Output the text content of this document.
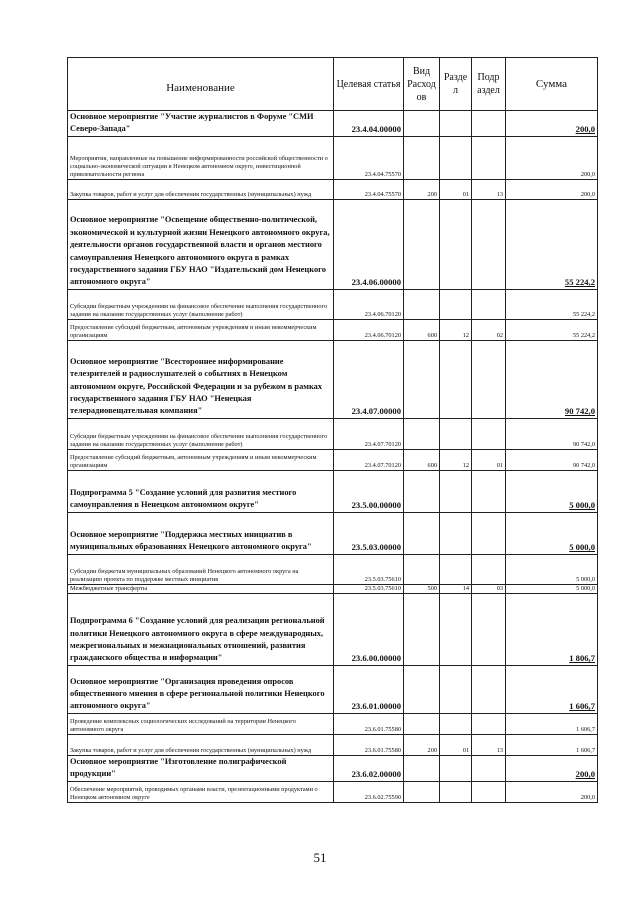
Наименование	Целевая статья	Вид Расход ов	Разде л	Подр аздел	Сумма
Основное мероприятие "Участие журналистов в Форуме "СМИ Северо-Запада"	23.4.04.00000				200,0
Мероприятия, направленные на повышение информированности российской общественности о социально-экономической ситуации в Ненецком автономном округе, инвестиционной привлекательности региона	23.4.04.75570				200,0
Закупка товаров, работ и услуг для обеспечения государственных (муниципальных) нужд	23.4.04.75570	200	01	13	200,0
Основное мероприятие "Освещение общественно-политической, экономической и культурной жизни Ненецкого автономного округа, деятельности органов государственной власти и органов местного самоуправления Ненецкого автономного округа в рамках государственного задания ГБУ НАО "Издательский дом Ненецкого автономного округа"	23.4.06.00000				55 224,2
Субсидии бюджетным учреждениям на финансовое обеспечение выполнения государственного задания на оказание государственных услуг (выполнение работ)	23.4.06.70120				55 224,2
Предоставление субсидий бюджетным, автономным учреждениям и иным некоммерческим организациям	23.4.06.70120	600	12	02	55 224,2
Основное мероприятие "Всестороннее информирование телезрителей и радиослушателей о событиях в Ненецком автономном округе, Российской Федерации и за рубежом в рамках государственного задания ГБУ НАО "Ненецкая телерадиовещательная компания"	23.4.07.00000				90 742,0
Субсидии бюджетным учреждениям на финансовое обеспечение выполнения государственного задания на оказание государственных услуг (выполнение работ)	23.4.07.70120				90 742,0
Предоставление субсидий бюджетным, автономным учреждениям и иным некоммерческим организациям	23.4.07.70120	600	12	01	90 742,0
Подпрограмма 5 "Создание условий для развития местного самоуправления в Ненецком автономном округе"	23.5.00.00000				5 000,0
Основное мероприятие "Поддержка местных инициатив в муниципальных образованиях Ненецкого автономного округа"	23.5.03.00000				5 000,0
Субсидии бюджетам муниципальных образований Ненецкого автономного округа на реализацию проекта по поддержке местных инициатив	23.5.03.75610				5 000,0
Межбюджетные трансферты	23.5.03.75610	500	14	03	5 000,0
Подпрограмма 6 "Создание условий для реализации региональной политики Ненецкого автономного округа в сфере международных, межрегиональных и межнациональных отношений, развития гражданского общества и информации"	23.6.00.00000				1 806,7
Основное мероприятие "Организация проведения опросов общественного мнения в сфере региональной политики Ненецкого автономного округа"	23.6.01.00000				1 606,7
Проведение комплексных социологических исследований на территории Ненецкого автономного округа	23.6.01.75580				1 606,7
Закупка товаров, работ и услуг для обеспечения государственных (муниципальных) нужд	23.6.01.75580	200	01	13	1 606,7
Основное мероприятие "Изготовление полиграфической продукции"	23.6.02.00000				200,0
Обеспечение мероприятий, проводимых органами власти, презентационными продуктами о Ненецком автономном округе	23.6.02.75590				200,0
51
